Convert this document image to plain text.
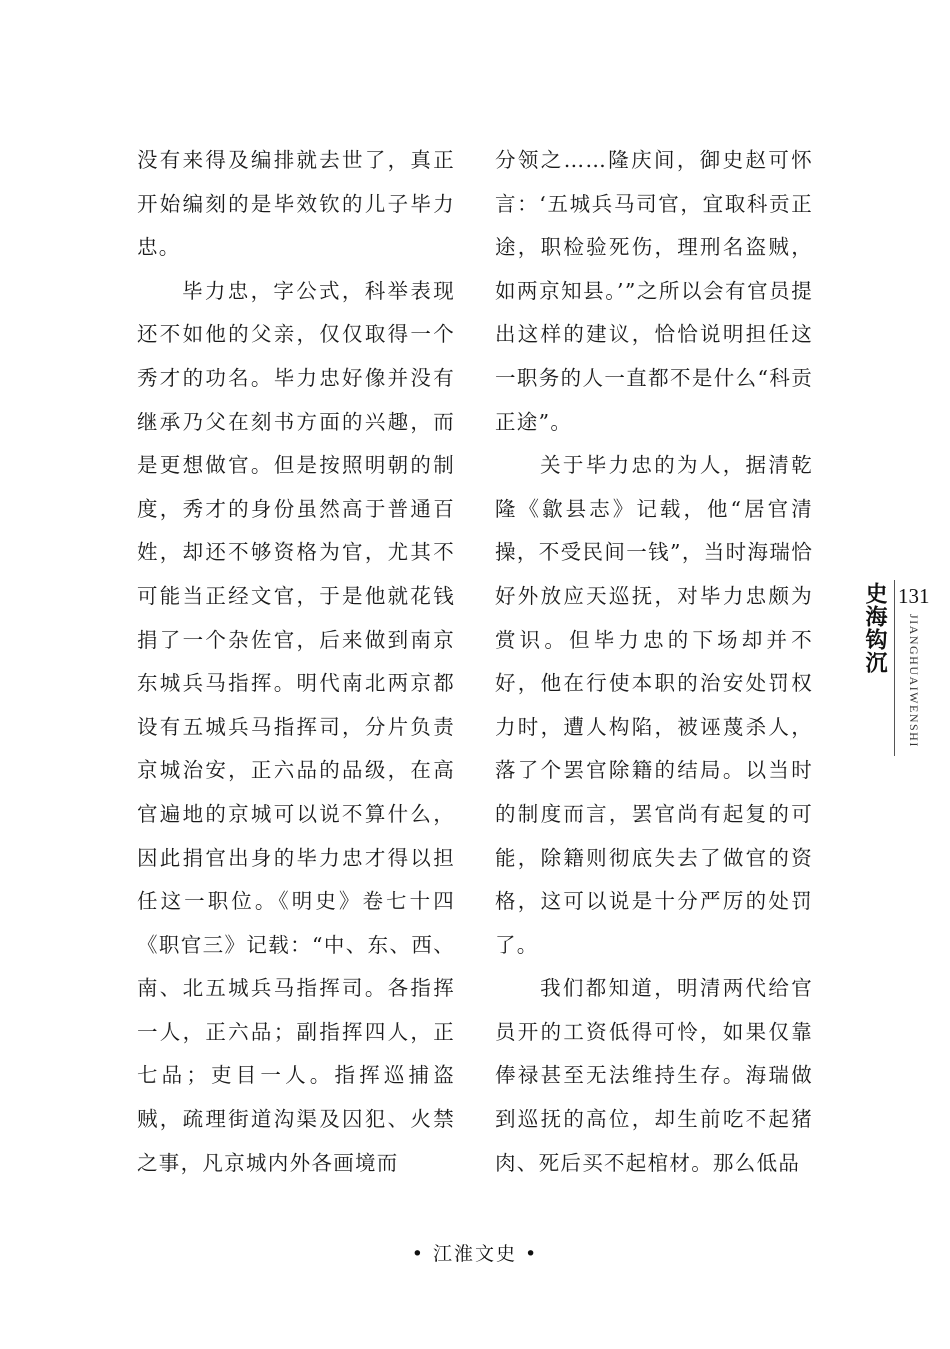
没有来得及编排就去世了，真正开始编刻的是毕效钦的儿子毕力忠。

毕力忠，字公式，科举表现还不如他的父亲，仅仅取得一个秀才的功名。毕力忠好像并没有继承乃父在刻书方面的兴趣，而是更想做官。但是按照明朝的制度，秀才的身份虽然高于普通百姓，却还不够资格为官，尤其不可能当正经文官，于是他就花钱捐了一个杂佐官，后来做到南京东城兵马指挥。明代南北两京都设有五城兵马指挥司，分片负责京城治安，正六品的品级，在高官遍地的京城可以说不算什么，因此捐官出身的毕力忠才得以担任这一职位。《明史》卷七十四《职官三》记载：“中、东、西、南、北五城兵马指挥司。各指挥一人，正六品；副指挥四人，正七品；吏目一人。指挥巡捕盗贼，疏理街道沟渠及囚犯、火禁之事，凡京城内外各画境而

分领之……隆庆间，御史赵可怀言：‘五城兵马司官，宜取科贡正途，职检验死伤，理刑名盗贼，如两京知县。’”之所以会有官员提出这样的建议，恰恰说明担任这一职务的人一直都不是什么“科贡正途”。

关于毕力忠的为人，据清乾隆《歙县志》记载，他“居官清操，不受民间一钱”，当时海瑞恰好外放应天巡抚，对毕力忠颇为赏识。但毕力忠的下场却并不好，他在行使本职的治安处罚权力时，遭人构陷，被诬蔑杀人，落了个罢官除籍的结局。以当时的制度而言，罢官尚有起复的可能，除籍则彻底失去了做官的资格，这可以说是十分严厉的处罚了。

我们都知道，明清两代给官员开的工资低得可怜，如果仅靠俸禄甚至无法维持生存。海瑞做到巡抚的高位，却生前吃不起猪肉、死后买不起棺材。那么低品

史海钩沉 131
JIANGHUAIWENSHI
• 江淮文史 •
